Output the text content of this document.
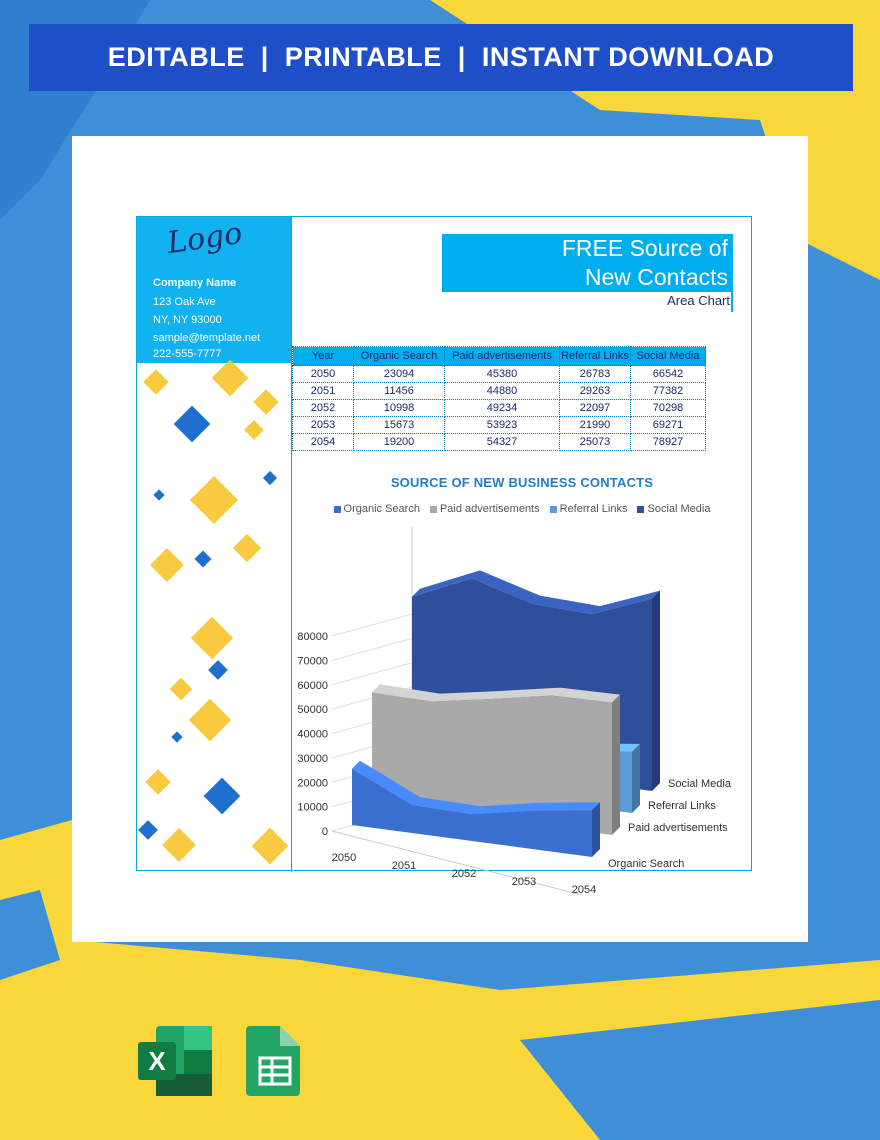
EDITABLE  |  PRINTABLE  |  INSTANT DOWNLOAD
Logo
Company Name
123 Oak Ave
NY, NY 93000
sample@template.net
222-555-7777
FREE Source of
New Contacts
Area Chart
Year	Organic Search	Paid advertisements	Referral Links	Social Media
2050	23094	45380	26783	66542
2051	11456	44880	29263	77382
2052	10998	49234	22097	70298
2053	15673	53923	21990	69271
2054	19200	54327	25073	78927
SOURCE OF NEW BUSINESS CONTACTS
Organic Search Paid advertisements Referral Links Social Media
0
10000
20000
30000
40000
50000
60000
70000
80000
Social Media
Referral Links
Paid advertisements
Organic Search
2050
2051
2052
2053
2054
X
